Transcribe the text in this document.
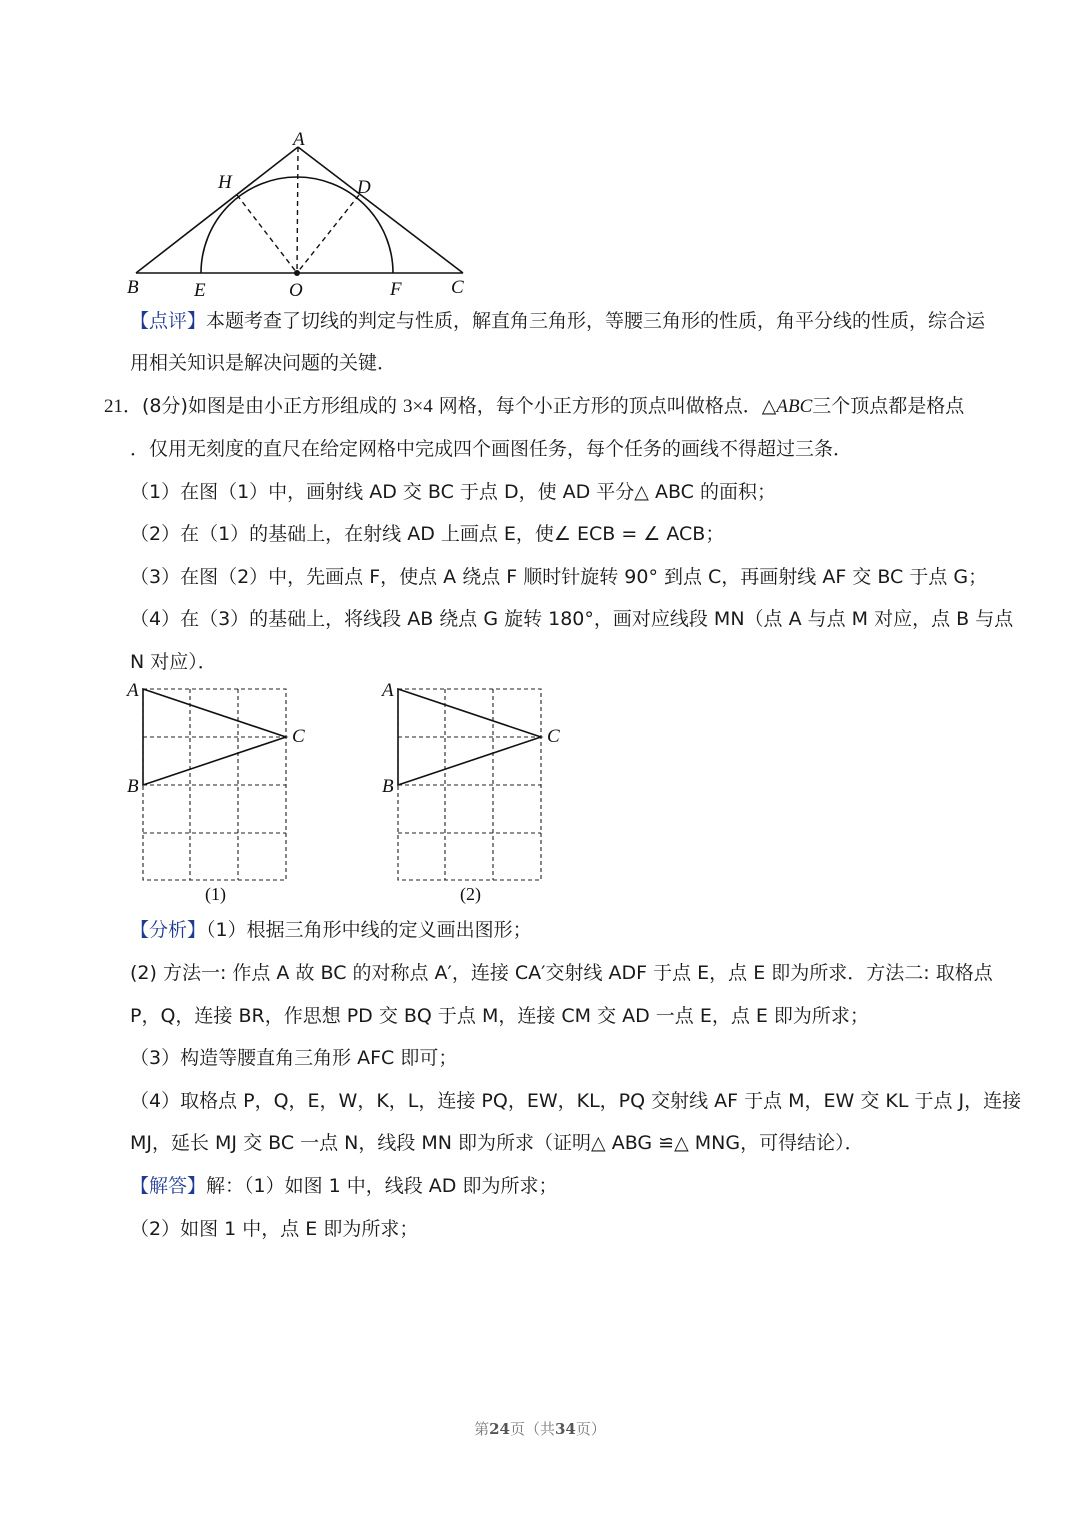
A
H	D
B	E	O	F	C
【点评】本题考查了切线的判定与性质，解直角三角形，等腰三角形的性质，角平分线的性质，综合运
用相关知识是解决问题的关键．
21．(8分)如图是由小正方形组成的 3×4 网格，每个小正方形的顶点叫做格点．△ABC三个顶点都是格点
．仅用无刻度的直尺在给定网格中完成四个画图任务，每个任务的画线不得超过三条．
（1）在图（1）中，画射线 AD 交 BC 于点 D，使 AD 平分△ ABC 的面积；
（2）在（1）的基础上，在射线 AD 上画点 E，使∠ ECB = ∠ ACB；
（3）在图（2）中，先画点 F，使点 A 绕点 F 顺时针旋转 90° 到点 C，再画射线 AF 交 BC 于点 G；
（4）在（3）的基础上，将线段 AB 绕点 G 旋转 180°，画对应线段 MN（点 A 与点 M 对应，点 B 与点
N 对应）．
A
B
C
(1)
A
B
C
(2)
【分析】（1）根据三角形中线的定义画出图形；
(2) 方法一: 作点 A 故 BC 的对称点 A′，连接 CA′交射线 ADF 于点 E，点 E 即为所求．方法二: 取格点
P，Q，连接 BR，作思想 PD 交 BQ 于点 M，连接 CM 交 AD 一点 E，点 E 即为所求；
（3）构造等腰直角三角形 AFC 即可；
（4）取格点 P，Q，E，W，K，L，连接 PQ，EW，KL，PQ 交射线 AF 于点 M，EW 交 KL 于点 J，连接
MJ，延长 MJ 交 BC 一点 N，线段 MN 即为所求（证明△ ABG ≌△ MNG，可得结论）．
【解答】解：（1）如图 1 中，线段 AD 即为所求；
（2）如图 1 中，点 E 即为所求；
第24页（共34页）
